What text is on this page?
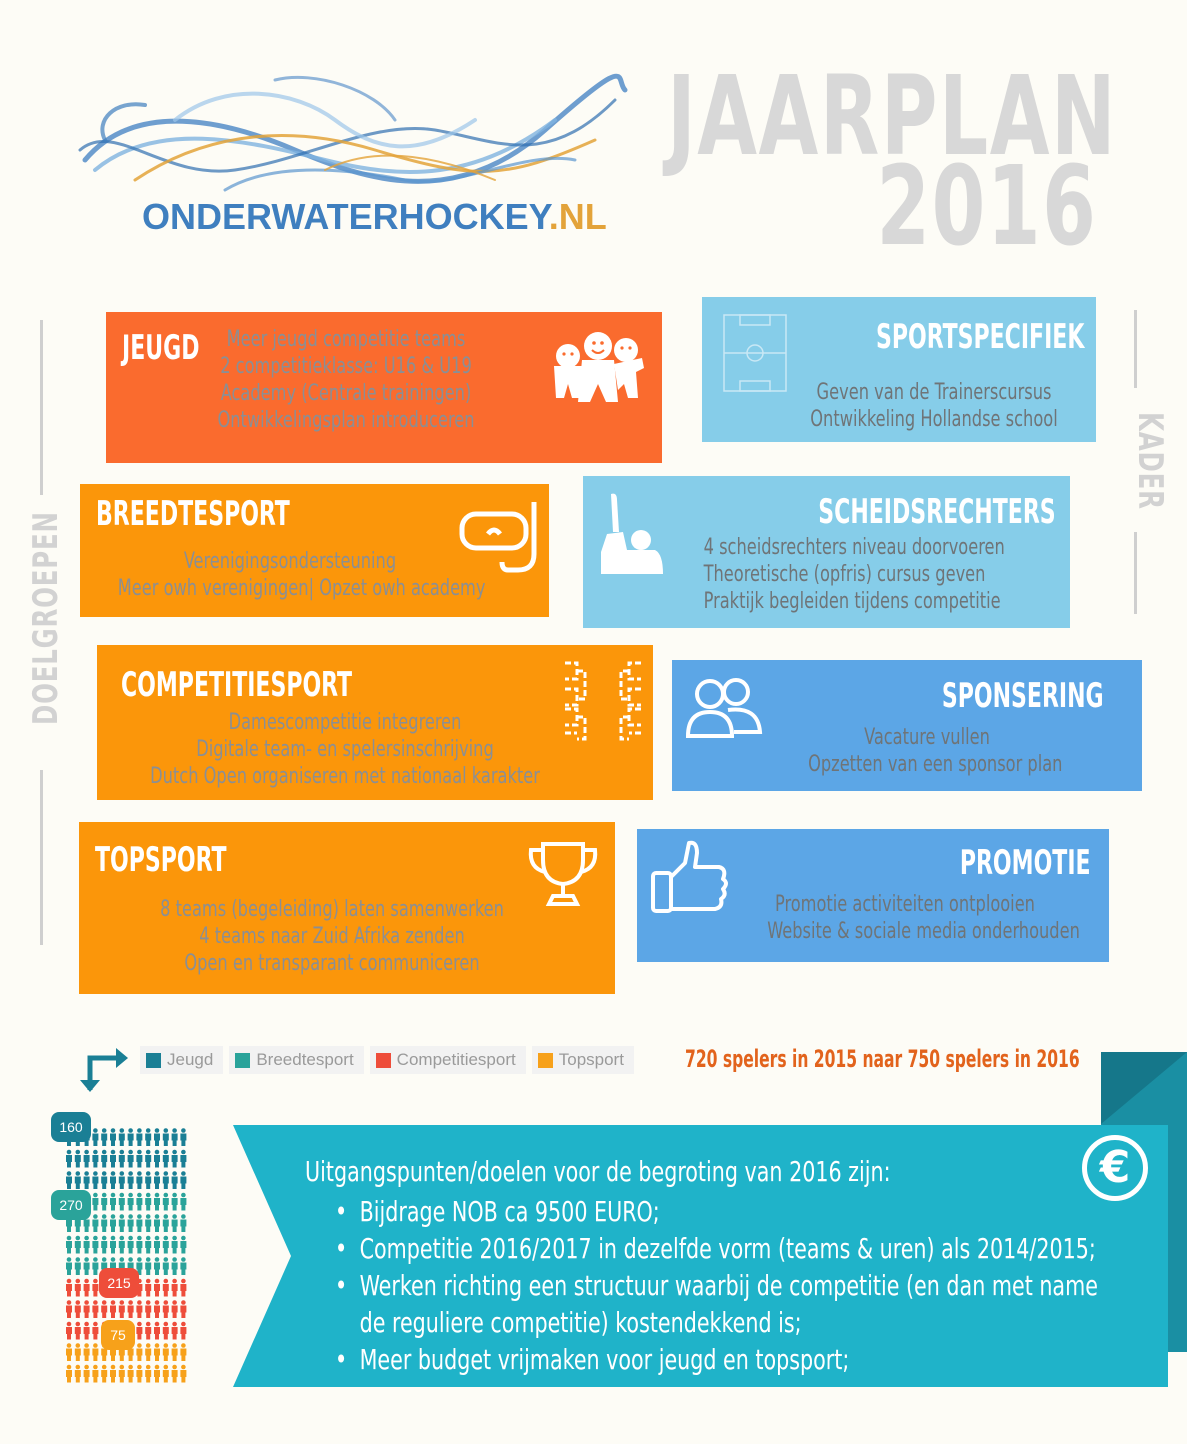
ONDERWATERHOCKEY.NL
JAARPLAN
2016
DOELGROEPEN
KADER
JEUGD	Meer jeugd competitie teams
2 competitieklasse: U16 & U19
Academy (Centrale trainingen)
Ontwikkelingsplan introduceren
BREEDTESPORT
Verenigingsondersteuning
Meer owh verenigingen| Opzet owh academy
COMPETITIESPORT
Damescompetitie integreren
Digitale team- en spelersinschrijving
Dutch Open organiseren met nationaal karakter
TOPSPORT
8 teams (begeleiding) laten samenwerken
4 teams naar Zuid Afrika zenden
Open en transparant communiceren
SPORTSPECIFIEK
Geven van de Trainerscursus
Ontwikkeling Hollandse school
SCHEIDSRECHTERS
4 scheidsrechters niveau doorvoeren
Theoretische (opfris) cursus geven
Praktijk begleiden tijdens competitie
SPONSERING
Vacature vullen
Opzetten van een sponsor plan
PROMOTIE
Promotie activiteiten ontplooien
Website & sociale media onderhouden
Jeugd	Breedtesport	Competitiesport	Topsport	720 spelers in 2015 naar 750 spelers in 2016
160
270
215
75
Uitgangspunten/doelen voor de begroting van 2016 zijn:
• Bijdrage NOB ca 9500 EURO;
• Competitie 2016/2017 in dezelfde vorm (teams & uren) als 2014/2015;
• Werken richting een structuur waarbij de competitie (en dan met name
de reguliere competitie) kostendekkend is;
• Meer budget vrijmaken voor jeugd en topsport;
€
